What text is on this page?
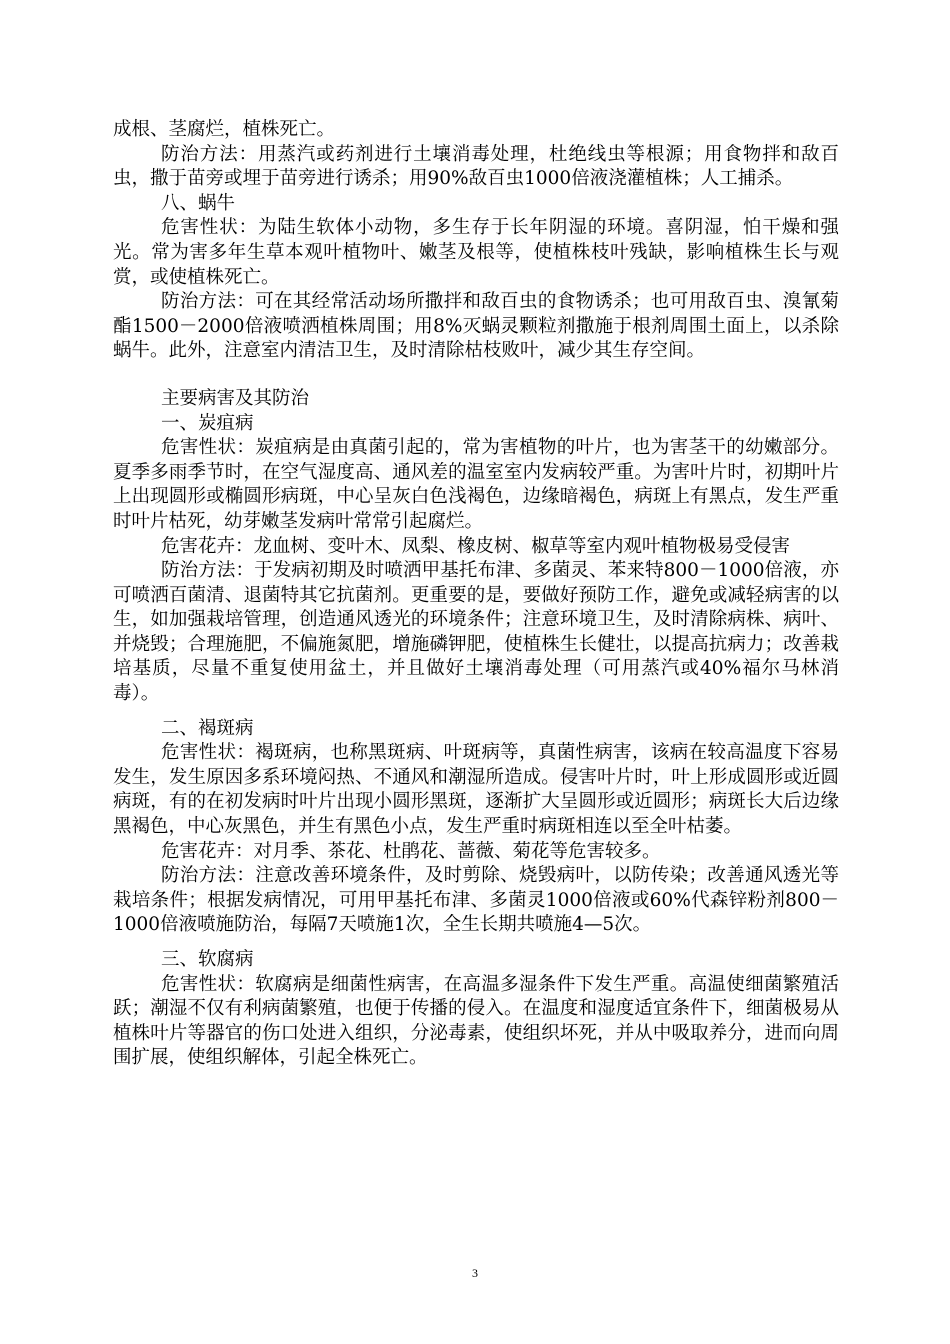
成根、茎腐烂，植株死亡。

防治方法：用蒸汽或药剂进行土壤消毒处理，杜绝线虫等根源；用食物拌和敌百虫，撒于苗旁或埋于苗旁进行诱杀；用90%敌百虫1000倍液浇灌植株；人工捕杀。

八、蜗牛

危害性状：为陆生软体小动物，多生存于长年阴湿的环境。喜阴湿，怕干燥和强光。常为害多年生草本观叶植物叶、嫩茎及根等，使植株枝叶残缺，影响植株生长与观赏，或使植株死亡。

防治方法：可在其经常活动场所撒拌和敌百虫的食物诱杀；也可用敌百虫、溴氰菊酯1500－2000倍液喷洒植株周围；用8%灭蜗灵颗粒剂撒施于根剂周围土面上，以杀除蜗牛。此外，注意室内清洁卫生，及时清除枯枝败叶，减少其生存空间。

主要病害及其防治

一、炭疽病

危害性状：炭疽病是由真菌引起的，常为害植物的叶片，也为害茎干的幼嫩部分。夏季多雨季节时，在空气湿度高、通风差的温室室内发病较严重。为害叶片时，初期叶片上出现圆形或椭圆形病斑，中心呈灰白色浅褐色，边缘暗褐色，病斑上有黑点，发生严重时叶片枯死，幼芽嫩茎发病叶常常引起腐烂。

危害花卉：龙血树、变叶木、凤梨、橡皮树、椒草等室内观叶植物极易受侵害

防治方法：于发病初期及时喷洒甲基托布津、多菌灵、苯来特800－1000倍液，亦可喷洒百菌清、退菌特其它抗菌剂。更重要的是，要做好预防工作，避免或减轻病害的以生，如加强栽培管理，创造通风透光的环境条件；注意环境卫生，及时清除病株、病叶、并烧毁；合理施肥，不偏施氮肥，增施磷钾肥，使植株生长健壮，以提高抗病力；改善栽培基质，尽量不重复使用盆土，并且做好土壤消毒处理（可用蒸汽或40%福尔马林消毒）。

二、褐斑病

危害性状：褐斑病，也称黑斑病、叶斑病等，真菌性病害，该病在较高温度下容易发生，发生原因多系环境闷热、不通风和潮湿所造成。侵害叶片时，叶上形成圆形或近圆病斑，有的在初发病时叶片出现小圆形黑斑，逐渐扩大呈圆形或近圆形；病斑长大后边缘黑褐色，中心灰黑色，并生有黑色小点，发生严重时病斑相连以至全叶枯萎。

危害花卉：对月季、茶花、杜鹃花、蔷薇、菊花等危害较多。

防治方法：注意改善环境条件，及时剪除、烧毁病叶，以防传染；改善通风透光等栽培条件；根据发病情况，可用甲基托布津、多菌灵1000倍液或60%代森锌粉剂800－1000倍液喷施防治，每隔7天喷施1次，全生长期共喷施4—5次。

三、软腐病

危害性状：软腐病是细菌性病害，在高温多湿条件下发生严重。高温使细菌繁殖活跃；潮湿不仅有利病菌繁殖，也便于传播的侵入。在温度和湿度适宜条件下，细菌极易从植株叶片等器官的伤口处进入组织，分泌毒素，使组织坏死，并从中吸取养分，进而向周围扩展，使组织解体，引起全株死亡。

3
